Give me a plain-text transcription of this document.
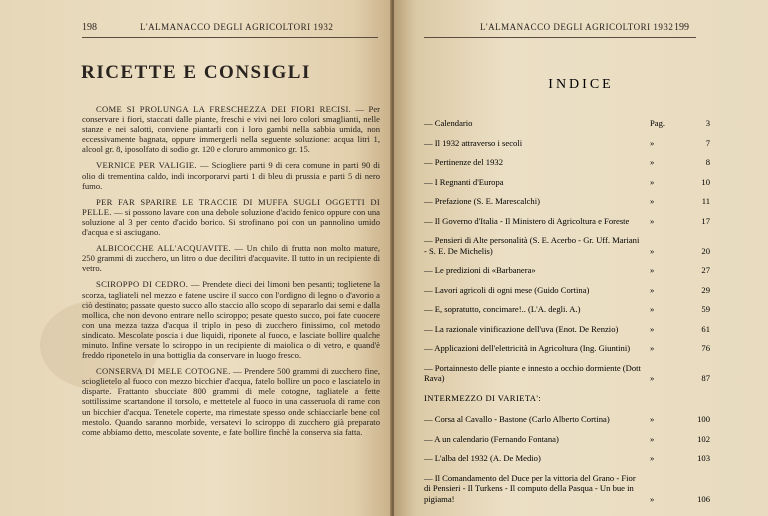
198	L'ALMANACCO DEGLI AGRICOLTORI 1932
RICETTE E CONSIGLI

COME SI PROLUNGA LA FRESCHEZZA DEI FIORI RECISI. — Per conservare i fiori, staccati dalle piante, freschi e vivi nei loro colori smaglianti, nelle stanze e nei salotti, conviene piantarli con i loro gambi nella sabbia umida, non eccessivamente bagnata, oppure immergerli nella seguente soluzione: acqua litri 1, alcool gr. 8, iposolfato di sodio gr. 120 e cloruro ammonico gr. 15.

VERNICE PER VALIGIE. — Sciogliere parti 9 di cera comune in parti 90 di olio di trementina caldo, indi incorporarvi parti 1 di bleu di prussia e parti 5 di nero fumo.

PER FAR SPARIRE LE TRACCIE DI MUFFA SUGLI OGGETTI DI PELLE. — si possono lavare con una debole soluzione d'acido fenico oppure con una soluzione al 3 per cento d'acido borico. Si strofinano poi con un pannolino umido d'acqua e si asciugano.

ALBICOCCHE ALL'ACQUAVITE. — Un chilo di frutta non molto mature, 250 grammi di zucchero, un litro o due decilitri d'acquavite. Il tutto in un recipiente di vetro.

SCIROPPO DI CEDRO. — Prendete dieci dei limoni ben pesanti; toglietene la scorza, tagliateli nel mezzo e fatene uscire il succo con l'ordigno di legno o d'avorio a ciò destinato; passate questo succo allo staccio allo scopo di separarlo dai semi e dalla mollica, che non devono entrare nello sciroppo; pesate questo succo, poi fate cuocere con una mezza tazza d'acqua il triplo in peso di zucchero finissimo, col metodo sindicato. Mescolate poscia i due liquidi, riponete al fuoco, e lasciate bollire qualche minuto. Infine versate lo sciroppo in un recipiente di maiolica o di vetro, e quand'è freddo riponetelo in una bottiglia da conservare in luogo fresco.

CONSERVA DI MELE COTOGNE. — Prendere 500 grammi di zucchero fine, scioglietelo al fuoco con mezzo bicchier d'acqua, fatelo bollire un poco e lasciatelo in disparte. Frattanto sbucciate 800 grammi di mele cotogne, tagliatele a fette sottilissime scartandone il torsolo, e mettetele al fuoco in una casseruola di rame con un bicchier d'acqua. Tenetele coperte, ma rimestate spesso onde schiacciarle bene col mestolo. Quando saranno morbide, versatevi lo sciroppo di zucchero già preparato come abbiamo detto, mescolate sovente, e fate bollire finchè la conserva sia fatta.

L'ALMANACCO DEGLI AGRICOLTORI 1932 199
INDICE
— Calendario	Pag.	3
— Il 1932 attraverso i secoli	»	7
— Pertinenze del 1932	»	8
— I Regnanti d'Europa	»	10
— Prefazione (S. E. Marescalchi)	»	11
— Il Governo d'Italia - Il Ministero di Agricoltura e Foreste	»	17
— Pensieri di Alte personalità (S. E. Acerbo - Gr. Uff. Mariani - S. E. De Michelis)	»	20
— Le predizioni di «Barbanera»	»	27
— Lavori agricoli di ogni mese (Guido Cortina)	»	29
— E, sopratutto, concimare!.. (L'A. degli. A.)	»	59
— La razionale vinificazione dell'uva (Enot. De Renzio)	»	61
— Applicazioni dell'elettricità in Agricoltura (Ing. Giuntini)	»	76
— Portainnesto delle piante e innesto a occhio dormiente (Dott Rava)	»	87
INTERMEZZO DI VARIETA':
— Corsa al Cavallo - Bastone (Carlo Alberto Cortina)	»	100
— A un calendario (Fernando Fontana)	»	102
— L'alba del 1932 (A. De Medio)	»	103
— Il Comandamento del Duce per la vittoria del Grano - Fior di Pensieri - Il Turkens - Il computo della Pasqua - Un bue in pigiama!	»	106
